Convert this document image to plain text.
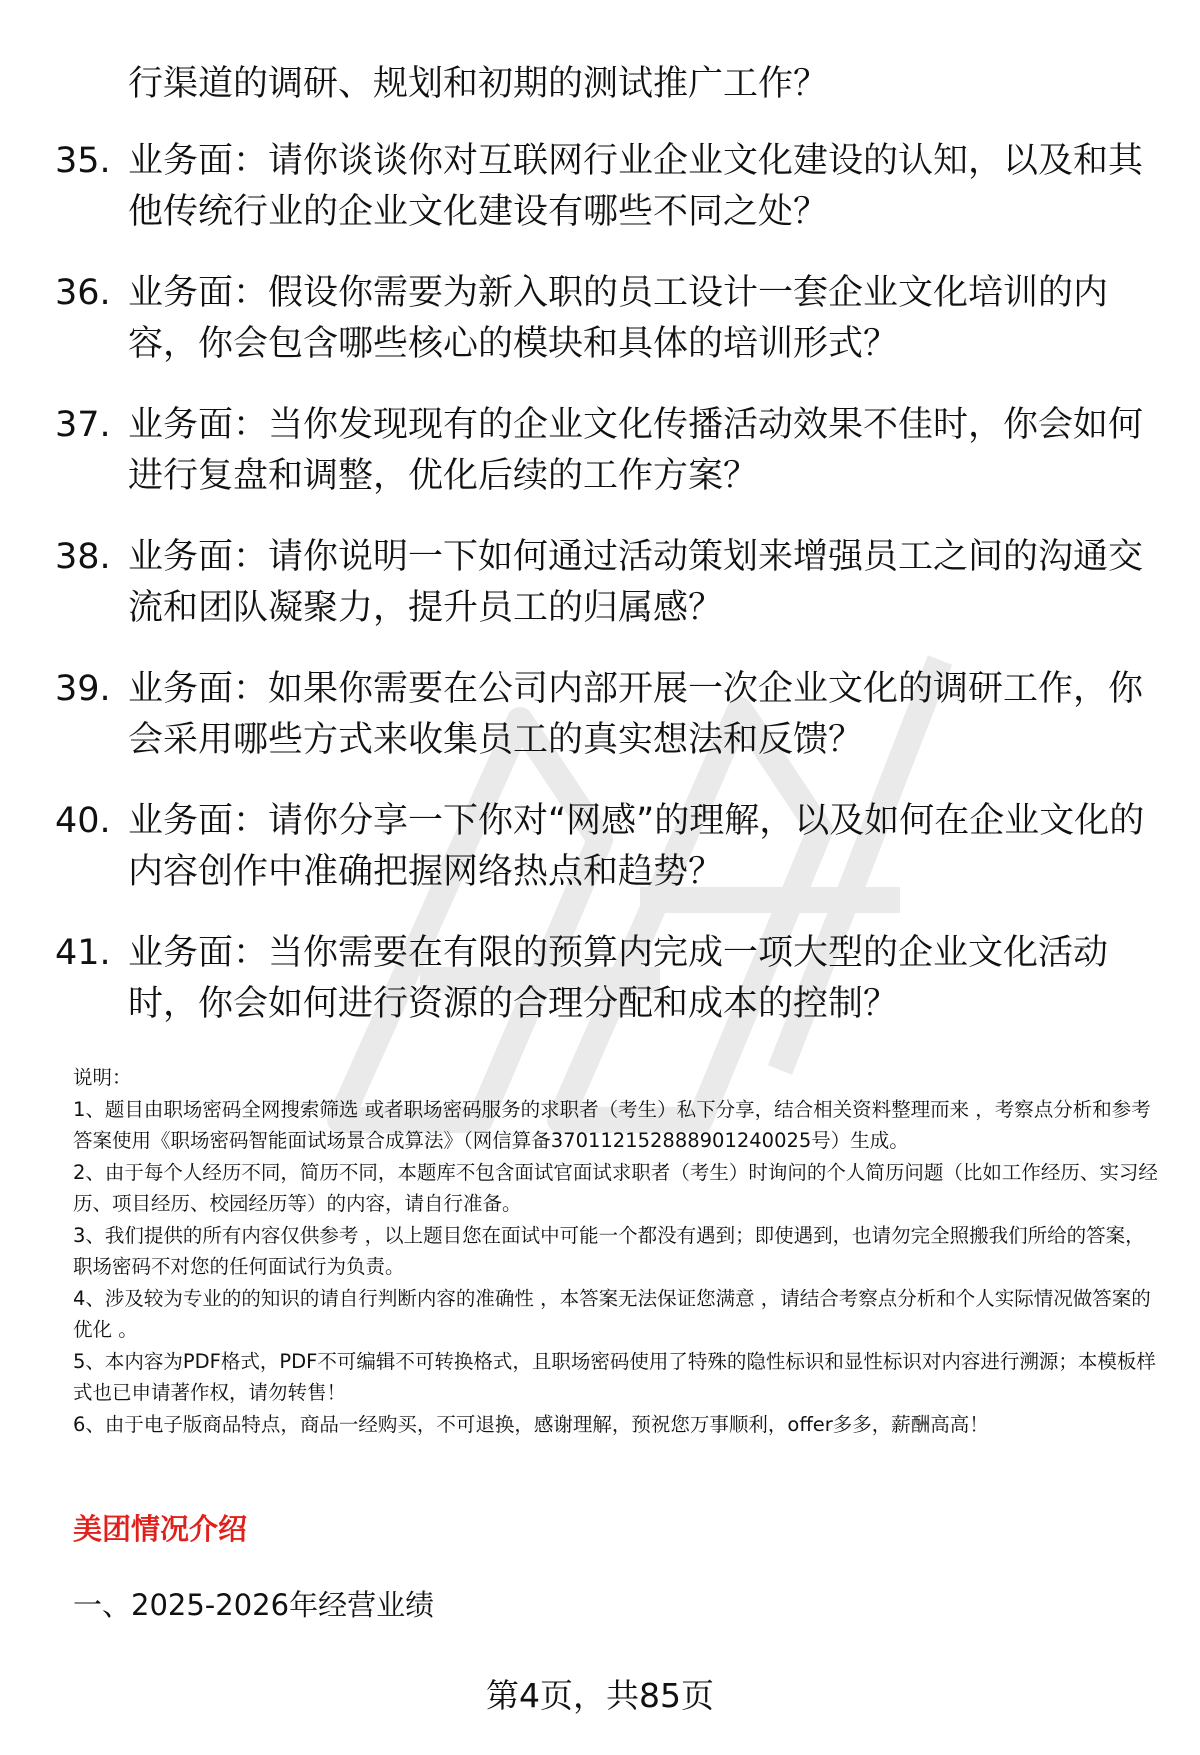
行渠道的调研、规划和初期的测试推广工作？
35. 业务面：请你谈谈你对互联网行业企业文化建设的认知，以及和其他传统行业的企业文化建设有哪些不同之处？
36. 业务面：假设你需要为新入职的员工设计一套企业文化培训的内容，你会包含哪些核心的模块和具体的培训形式？
37. 业务面：当你发现现有的企业文化传播活动效果不佳时，你会如何进行复盘和调整，优化后续的工作方案？
38. 业务面：请你说明一下如何通过活动策划来增强员工之间的沟通交流和团队凝聚力，提升员工的归属感？
39. 业务面：如果你需要在公司内部开展一次企业文化的调研工作，你会采用哪些方式来收集员工的真实想法和反馈？
40. 业务面：请你分享一下你对“网感”的理解，以及如何在企业文化的内容创作中准确把握网络热点和趋势？
41. 业务面：当你需要在有限的预算内完成一项大型的企业文化活动时，你会如何进行资源的合理分配和成本的控制？

说明：

1、题目由职场密码全网搜索筛选 或者职场密码服务的求职者（考生）私下分享，结合相关资料整理而来 ，考察点分析和参考答案使用《职场密码智能面试场景合成算法》（网信算备370112152888901240025号）生成。

2、由于每个人经历不同，简历不同，本题库不包含面试官面试求职者（考生）时询问的个人简历问题（比如工作经历、实习经历、项目经历、校园经历等）的内容，请自行准备。

3、我们提供的所有内容仅供参考 ，以上题目您在面试中可能一个都没有遇到；即使遇到，也请勿完全照搬我们所给的答案，职场密码不对您的任何面试行为负责。

4、涉及较为专业的的知识的请自行判断内容的准确性 ，本答案无法保证您满意 ，请结合考察点分析和个人实际情况做答案的优化 。

5、本内容为PDF格式，PDF不可编辑不可转换格式，且职场密码使用了特殊的隐性标识和显性标识对内容进行溯源；本模板样式也已申请著作权，请勿转售！

6、由于电子版商品特点，商品一经购买，不可退换，感谢理解，预祝您万事顺利，offer多多，薪酬高高！

美团情况介绍
一、2025-2026年经营业绩
第4页，共85页
